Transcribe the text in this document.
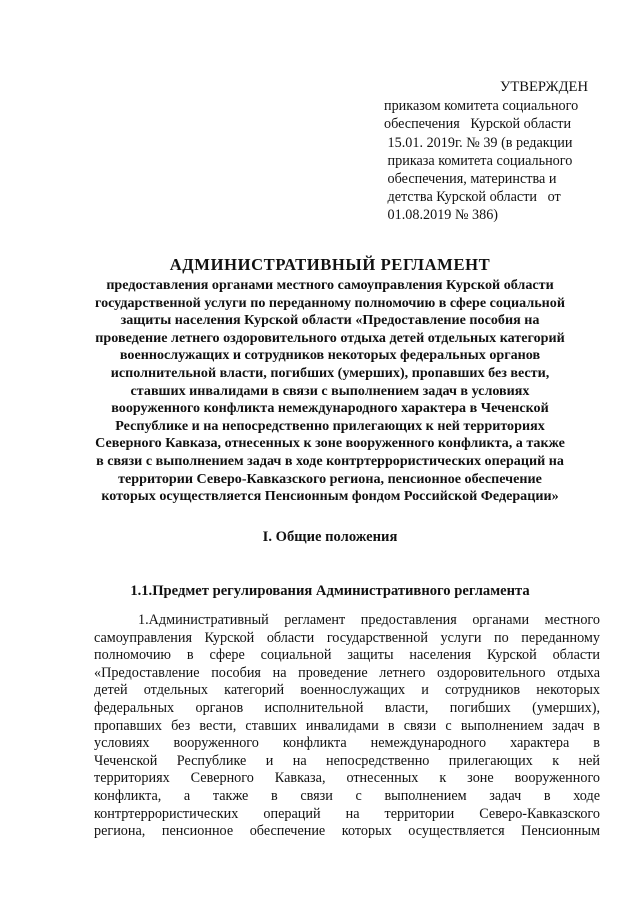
УТВЕРЖДЕН
приказом комитета социального
обеспечения   Курской области
15.01. 2019г. № 39 (в редакции
приказа комитета социального
обеспечения, материнства и
детства Курской области   от
01.08.2019 № 386)
АДМИНИСТРАТИВНЫЙ РЕГЛАМЕНТ
предоставления органами местного самоуправления Курской области
государственной услуги по переданному полномочию в сфере социальной
защиты населения Курской области «Предоставление пособия на
проведение летнего оздоровительного отдыха детей отдельных категорий
военнослужащих и сотрудников некоторых федеральных органов
исполнительной власти, погибших (умерших), пропавших без вести,
ставших инвалидами в связи с выполнением задач в условиях
вооруженного конфликта немеждународного характера в Чеченской
Республике и на непосредственно прилегающих к ней территориях
Северного Кавказа, отнесенных к зоне вооруженного конфликта, а также
в связи с выполнением задач в ходе контртеррористических операций на
территории Северо-Кавказского региона, пенсионное обеспечение
которых осуществляется Пенсионным фондом Российской Федерации»
I. Общие положения
1.1.Предмет регулирования Административного регламента
1.Административный регламент предоставления органами местного
самоуправления Курской области государственной услуги по переданному
полномочию в сфере социальной защиты населения Курской области
«Предоставление пособия на проведение летнего оздоровительного отдыха
детей отдельных категорий военнослужащих и сотрудников некоторых
федеральных органов исполнительной власти, погибших (умерших),
пропавших без вести, ставших инвалидами в связи с выполнением задач в
условиях вооруженного конфликта немеждународного характера в
Чеченской Республике и на непосредственно прилегающих к ней
территориях Северного Кавказа, отнесенных к зоне вооруженного
конфликта, а также в связи с выполнением задач в ходе
контртеррористических операций на территории Северо-Кавказского
региона, пенсионное обеспечение которых осуществляется Пенсионным
